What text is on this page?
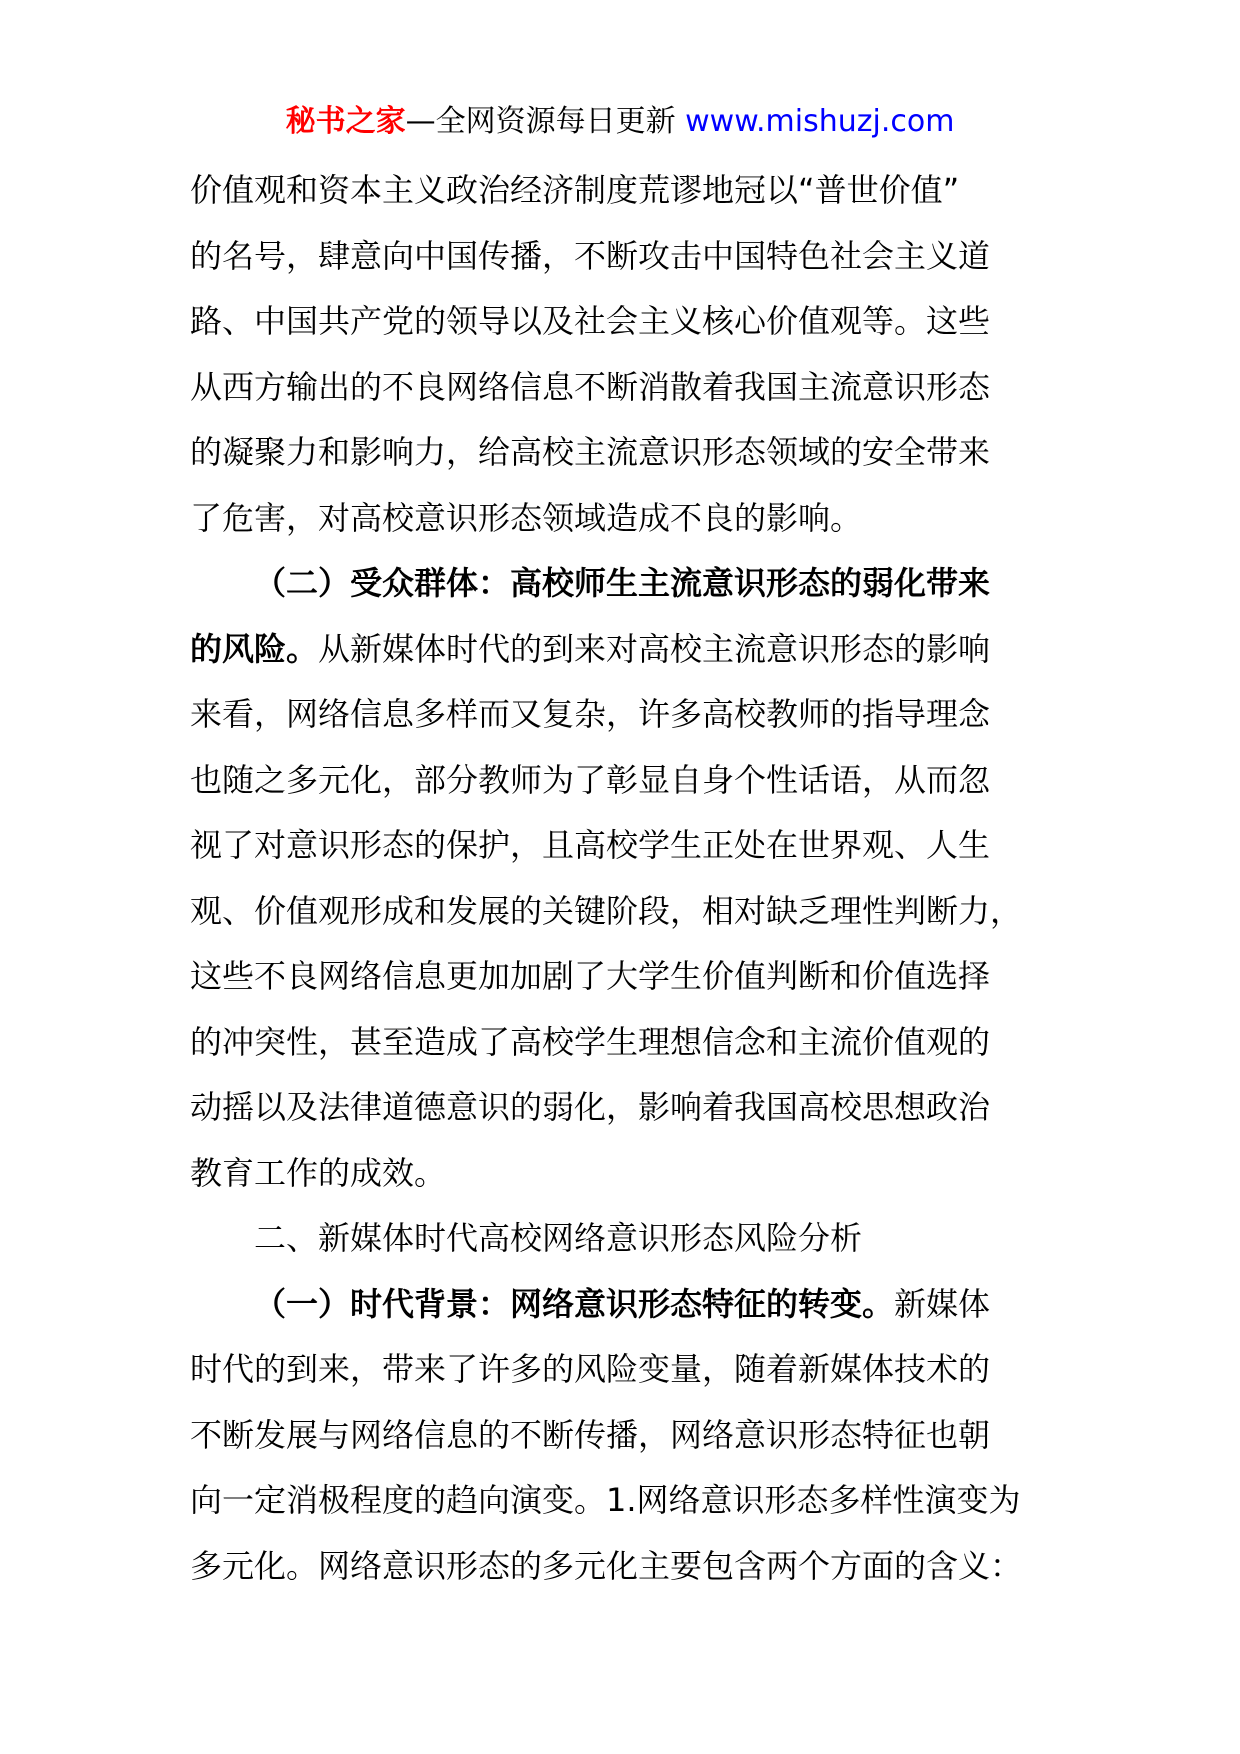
秘书之家—全网资源每日更新 www.mishuzj.com
价值观和资本主义政治经济制度荒谬地冠以“普世价值”
的名号，肆意向中国传播，不断攻击中国特色社会主义道
路、中国共产党的领导以及社会主义核心价值观等。这些
从西方输出的不良网络信息不断消散着我国主流意识形态
的凝聚力和影响力，给高校主流意识形态领域的安全带来
了危害，对高校意识形态领域造成不良的影响。
（二）受众群体：高校师生主流意识形态的弱化带来
的风险。从新媒体时代的到来对高校主流意识形态的影响
来看，网络信息多样而又复杂，许多高校教师的指导理念
也随之多元化，部分教师为了彰显自身个性话语，从而忽
视了对意识形态的保护，且高校学生正处在世界观、人生
观、价值观形成和发展的关键阶段，相对缺乏理性判断力，
这些不良网络信息更加加剧了大学生价值判断和价值选择
的冲突性，甚至造成了高校学生理想信念和主流价值观的
动摇以及法律道德意识的弱化，影响着我国高校思想政治
教育工作的成效。
二、新媒体时代高校网络意识形态风险分析
（一）时代背景：网络意识形态特征的转变。新媒体
时代的到来，带来了许多的风险变量，随着新媒体技术的
不断发展与网络信息的不断传播，网络意识形态特征也朝
向一定消极程度的趋向演变。1.网络意识形态多样性演变为
多元化。网络意识形态的多元化主要包含两个方面的含义：
